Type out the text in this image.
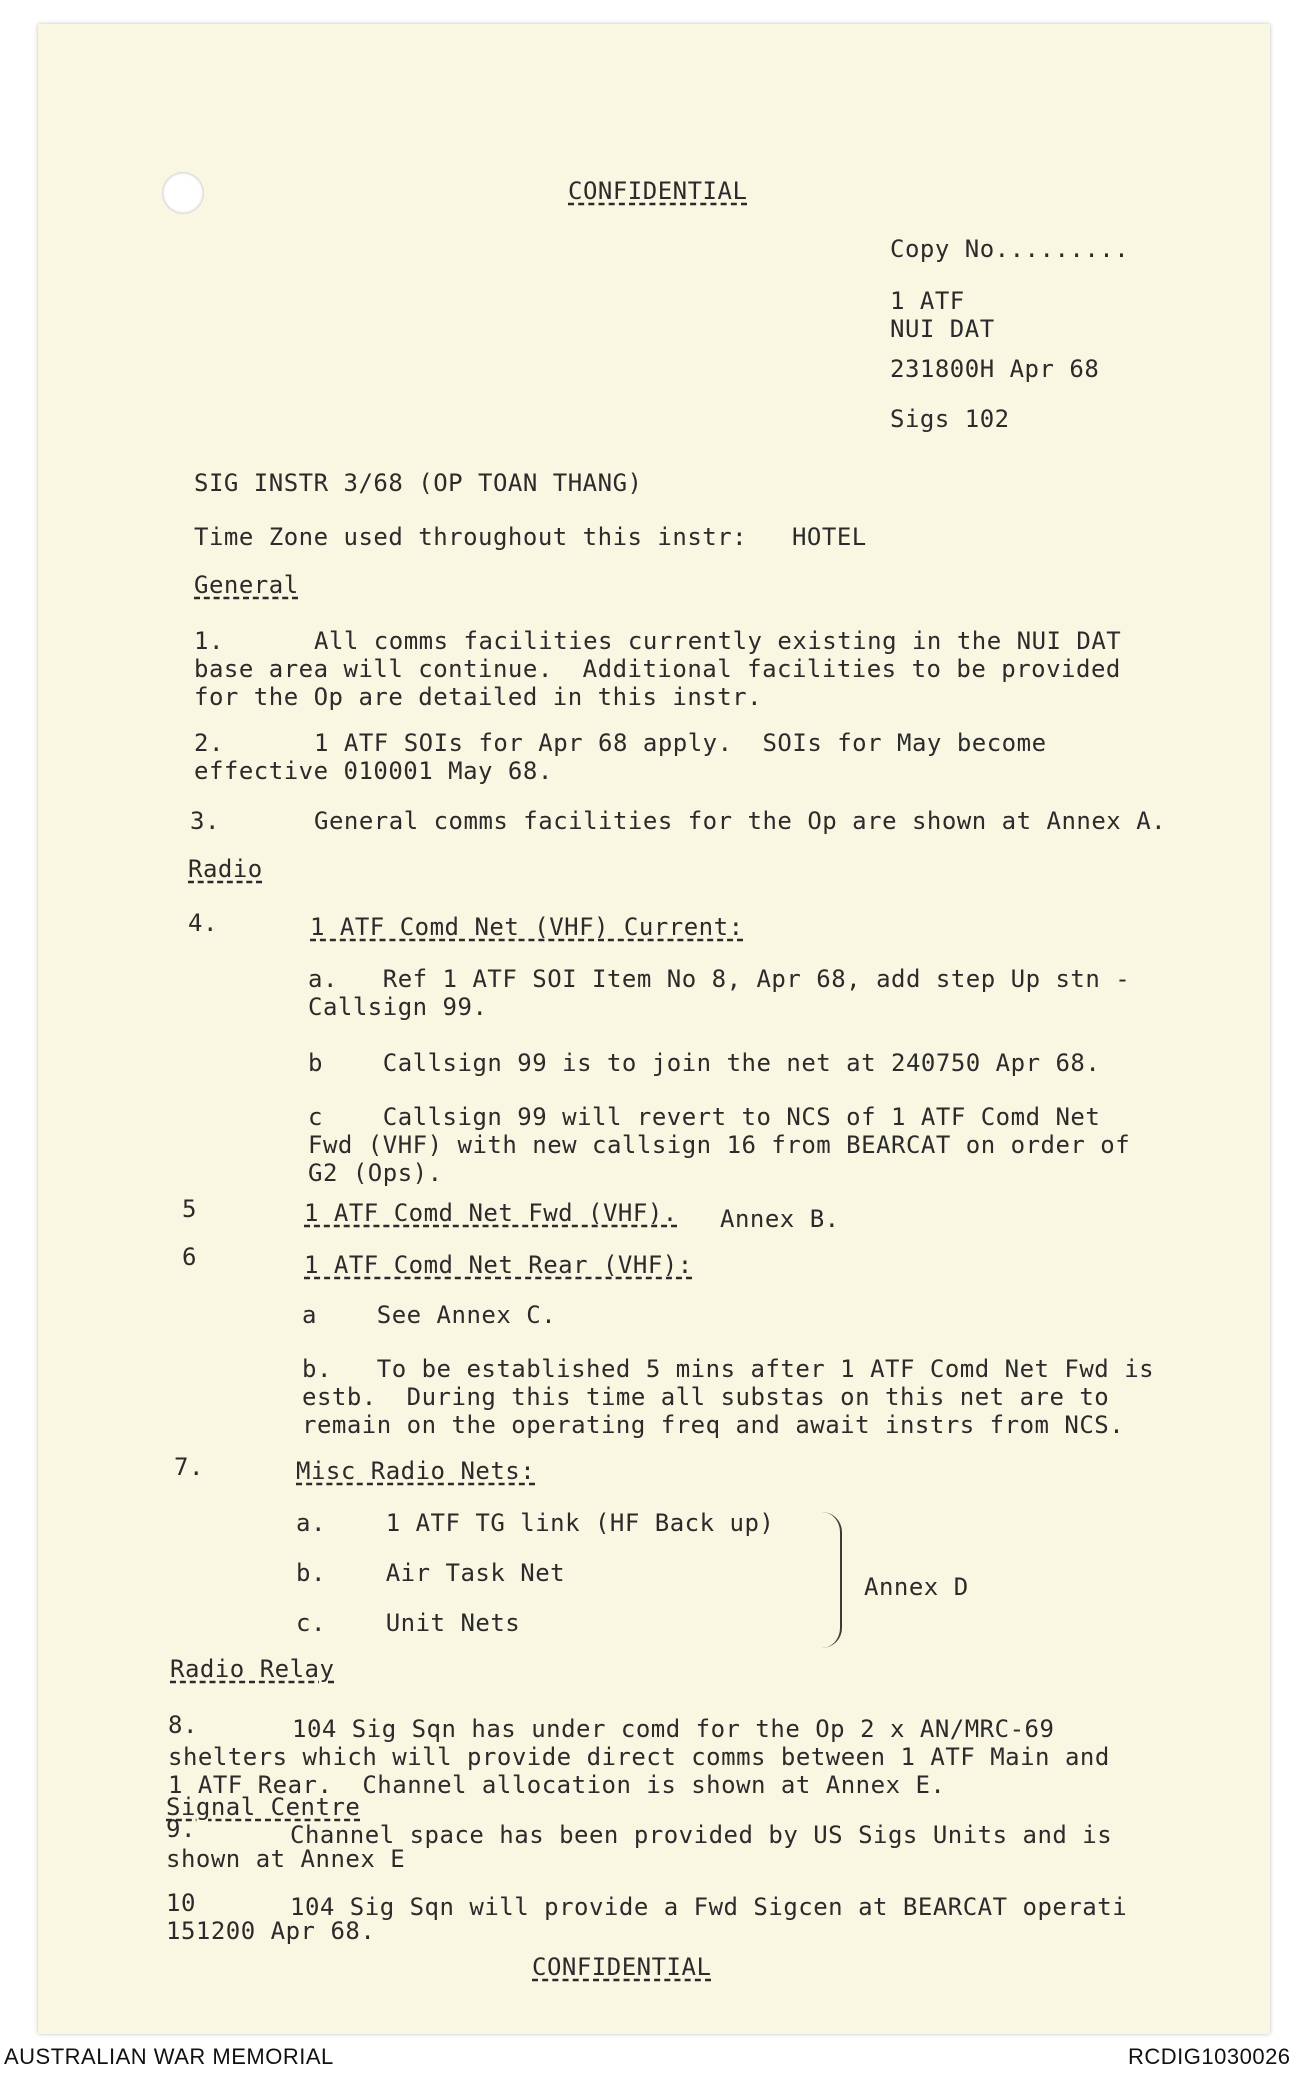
CONFIDENTIAL
Copy No.........
1 ATF
NUI DAT
231800H Apr 68
Sigs 102
SIG INSTR 3/68 (OP TOAN THANG)
Time Zone used throughout this instr:   HOTEL
General
1.	All comms facilities currently existing in the NUI DAT
base area will continue.  Additional facilities to be provided
for the Op are detailed in this instr.
2.	1 ATF SOIs for Apr 68 apply.  SOIs for May become
effective 010001 May 68.
3.	General comms facilities for the Op are shown at Annex A.
Radio
4.	1 ATF Comd Net (VHF) Current:
a.   Ref 1 ATF SOI Item No 8, Apr 68, add step Up stn -
Callsign 99.
b    Callsign 99 is to join the net at 240750 Apr 68.
c    Callsign 99 will revert to NCS of 1 ATF Comd Net
Fwd (VHF) with new callsign 16 from BEARCAT on order of
G2 (Ops).
5	1 ATF Comd Net Fwd (VHF). Annex B.
6	1 ATF Comd Net Rear (VHF):
a    See Annex C.
b.   To be established 5 mins after 1 ATF Comd Net Fwd is
estb.  During this time all substas on this net are to
remain on the operating freq and await instrs from NCS.
7.	Misc Radio Nets:
a.    1 ATF TG link (HF Back up)
b.    Air Task Net
c.    Unit Nets
Annex D
Radio Relay
8.	104 Sig Sqn has under comd for the Op 2 x AN/MRC-69
shelters which will provide direct comms between 1 ATF Main and
1 ATF Rear.  Channel allocation is shown at Annex E.
Signal Centre
9.	Channel space has been provided by US Sigs Units and is
shown at Annex E
10	104 Sig Sqn will provide a Fwd Sigcen at BEARCAT operati
151200 Apr 68.
CONFIDENTIAL
AUSTRALIAN WAR MEMORIAL	RCDIG1030026
